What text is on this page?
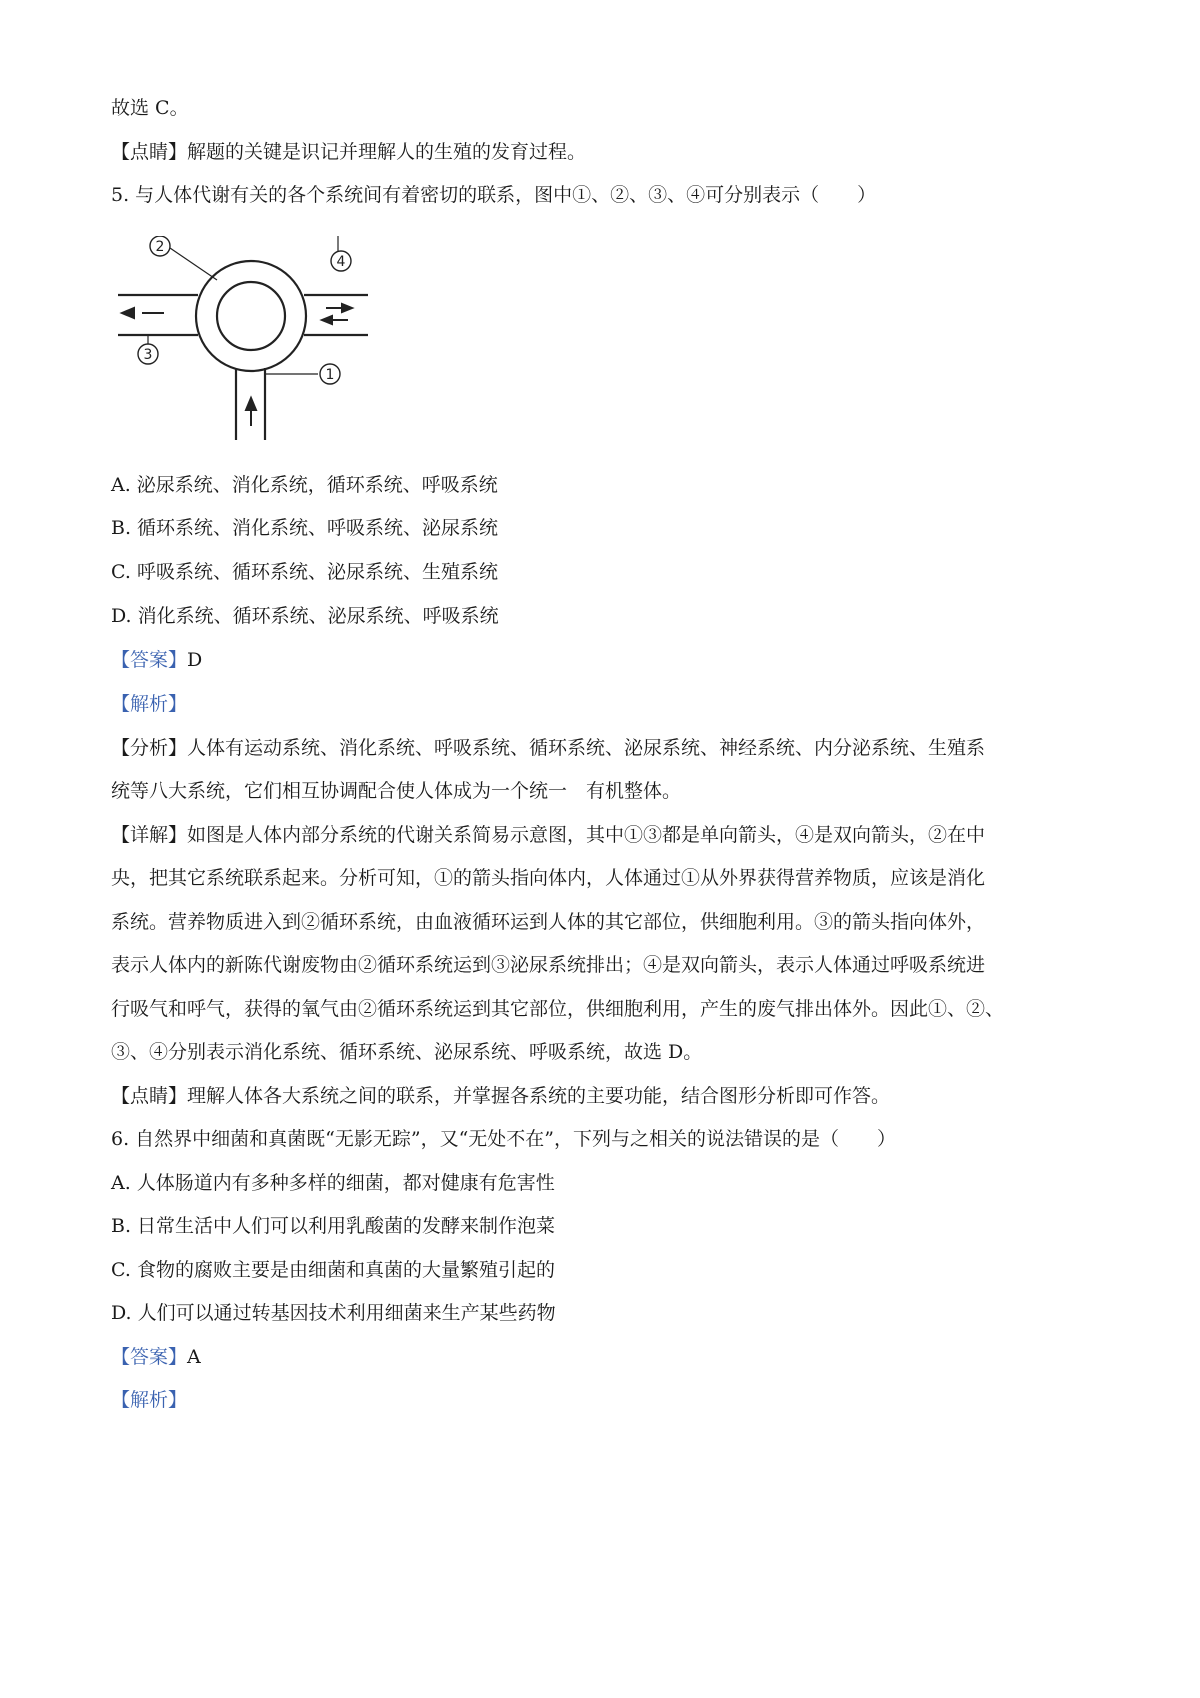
故选 C。
【点睛】解题的关键是识记并理解人的生殖的发育过程。
5. 与人体代谢有关的各个系统间有着密切的联系，图中①、②、③、④可分别表示（　　）
2
4
3
1
A. 泌尿系统、消化系统，循环系统、呼吸系统
B. 循环系统、消化系统、呼吸系统、泌尿系统
C. 呼吸系统、循环系统、泌尿系统、生殖系统
D. 消化系统、循环系统、泌尿系统、呼吸系统
【答案】D
【解析】
【分析】人体有运动系统、消化系统、呼吸系统、循环系统、泌尿系统、神经系统、内分泌系统、生殖系
统等八大系统，它们相互协调配合使人体成为一个统一　有机整体。
【详解】如图是人体内部分系统的代谢关系简易示意图，其中①③都是单向箭头，④是双向箭头，②在中
央，把其它系统联系起来。分析可知，①的箭头指向体内，人体通过①从外界获得营养物质，应该是消化
系统。营养物质进入到②循环系统，由血液循环运到人体的其它部位，供细胞利用。③的箭头指向体外，
表示人体内的新陈代谢废物由②循环系统运到③泌尿系统排出；④是双向箭头，表示人体通过呼吸系统进
行吸气和呼气，获得的氧气由②循环系统运到其它部位，供细胞利用，产生的废气排出体外。因此①、②、
③、④分别表示消化系统、循环系统、泌尿系统、呼吸系统，故选 D。
【点睛】理解人体各大系统之间的联系，并掌握各系统的主要功能，结合图形分析即可作答。
6. 自然界中细菌和真菌既“无影无踪”，又“无处不在”，下列与之相关的说法错误的是（　　）
A. 人体肠道内有多种多样的细菌，都对健康有危害性
B. 日常生活中人们可以利用乳酸菌的发酵来制作泡菜
C. 食物的腐败主要是由细菌和真菌的大量繁殖引起的
D. 人们可以通过转基因技术利用细菌来生产某些药物
【答案】A
【解析】
